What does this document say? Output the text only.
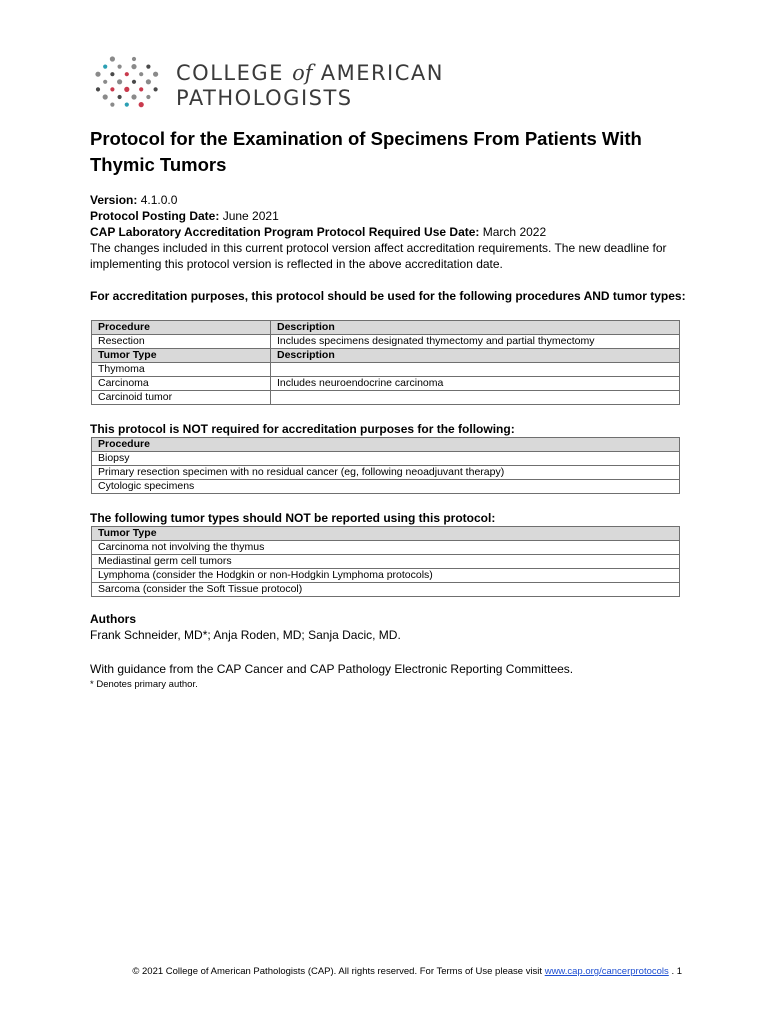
COLLEGE of AMERICAN
PATHOLOGISTS
Protocol for the Examination of Specimens From Patients With Thymic Tumors
Version: 4.1.0.0
Protocol Posting Date: June 2021
CAP Laboratory Accreditation Program Protocol Required Use Date: March 2022
The changes included in this current protocol version affect accreditation requirements. The new deadline for implementing this protocol version is reflected in the above accreditation date.
For accreditation purposes, this protocol should be used for the following procedures AND tumor types:
Procedure	Description
Resection	Includes specimens designated thymectomy and partial thymectomy
Tumor Type	Description
Thymoma	
Carcinoma	Includes neuroendocrine carcinoma
Carcinoid tumor	
This protocol is NOT required for accreditation purposes for the following:
Procedure
Biopsy
Primary resection specimen with no residual cancer (eg, following neoadjuvant therapy)
Cytologic specimens
The following tumor types should NOT be reported using this protocol:
Tumor Type
Carcinoma not involving the thymus
Mediastinal germ cell tumors
Lymphoma (consider the Hodgkin or non-Hodgkin Lymphoma protocols)
Sarcoma (consider the Soft Tissue protocol)
Authors
Frank Schneider, MD*; Anja Roden, MD; Sanja Dacic, MD.
With guidance from the CAP Cancer and CAP Pathology Electronic Reporting Committees.
* Denotes primary author.
© 2021 College of American Pathologists (CAP). All rights reserved. For Terms of Use please visit www.cap.org/cancerprotocols . 1
